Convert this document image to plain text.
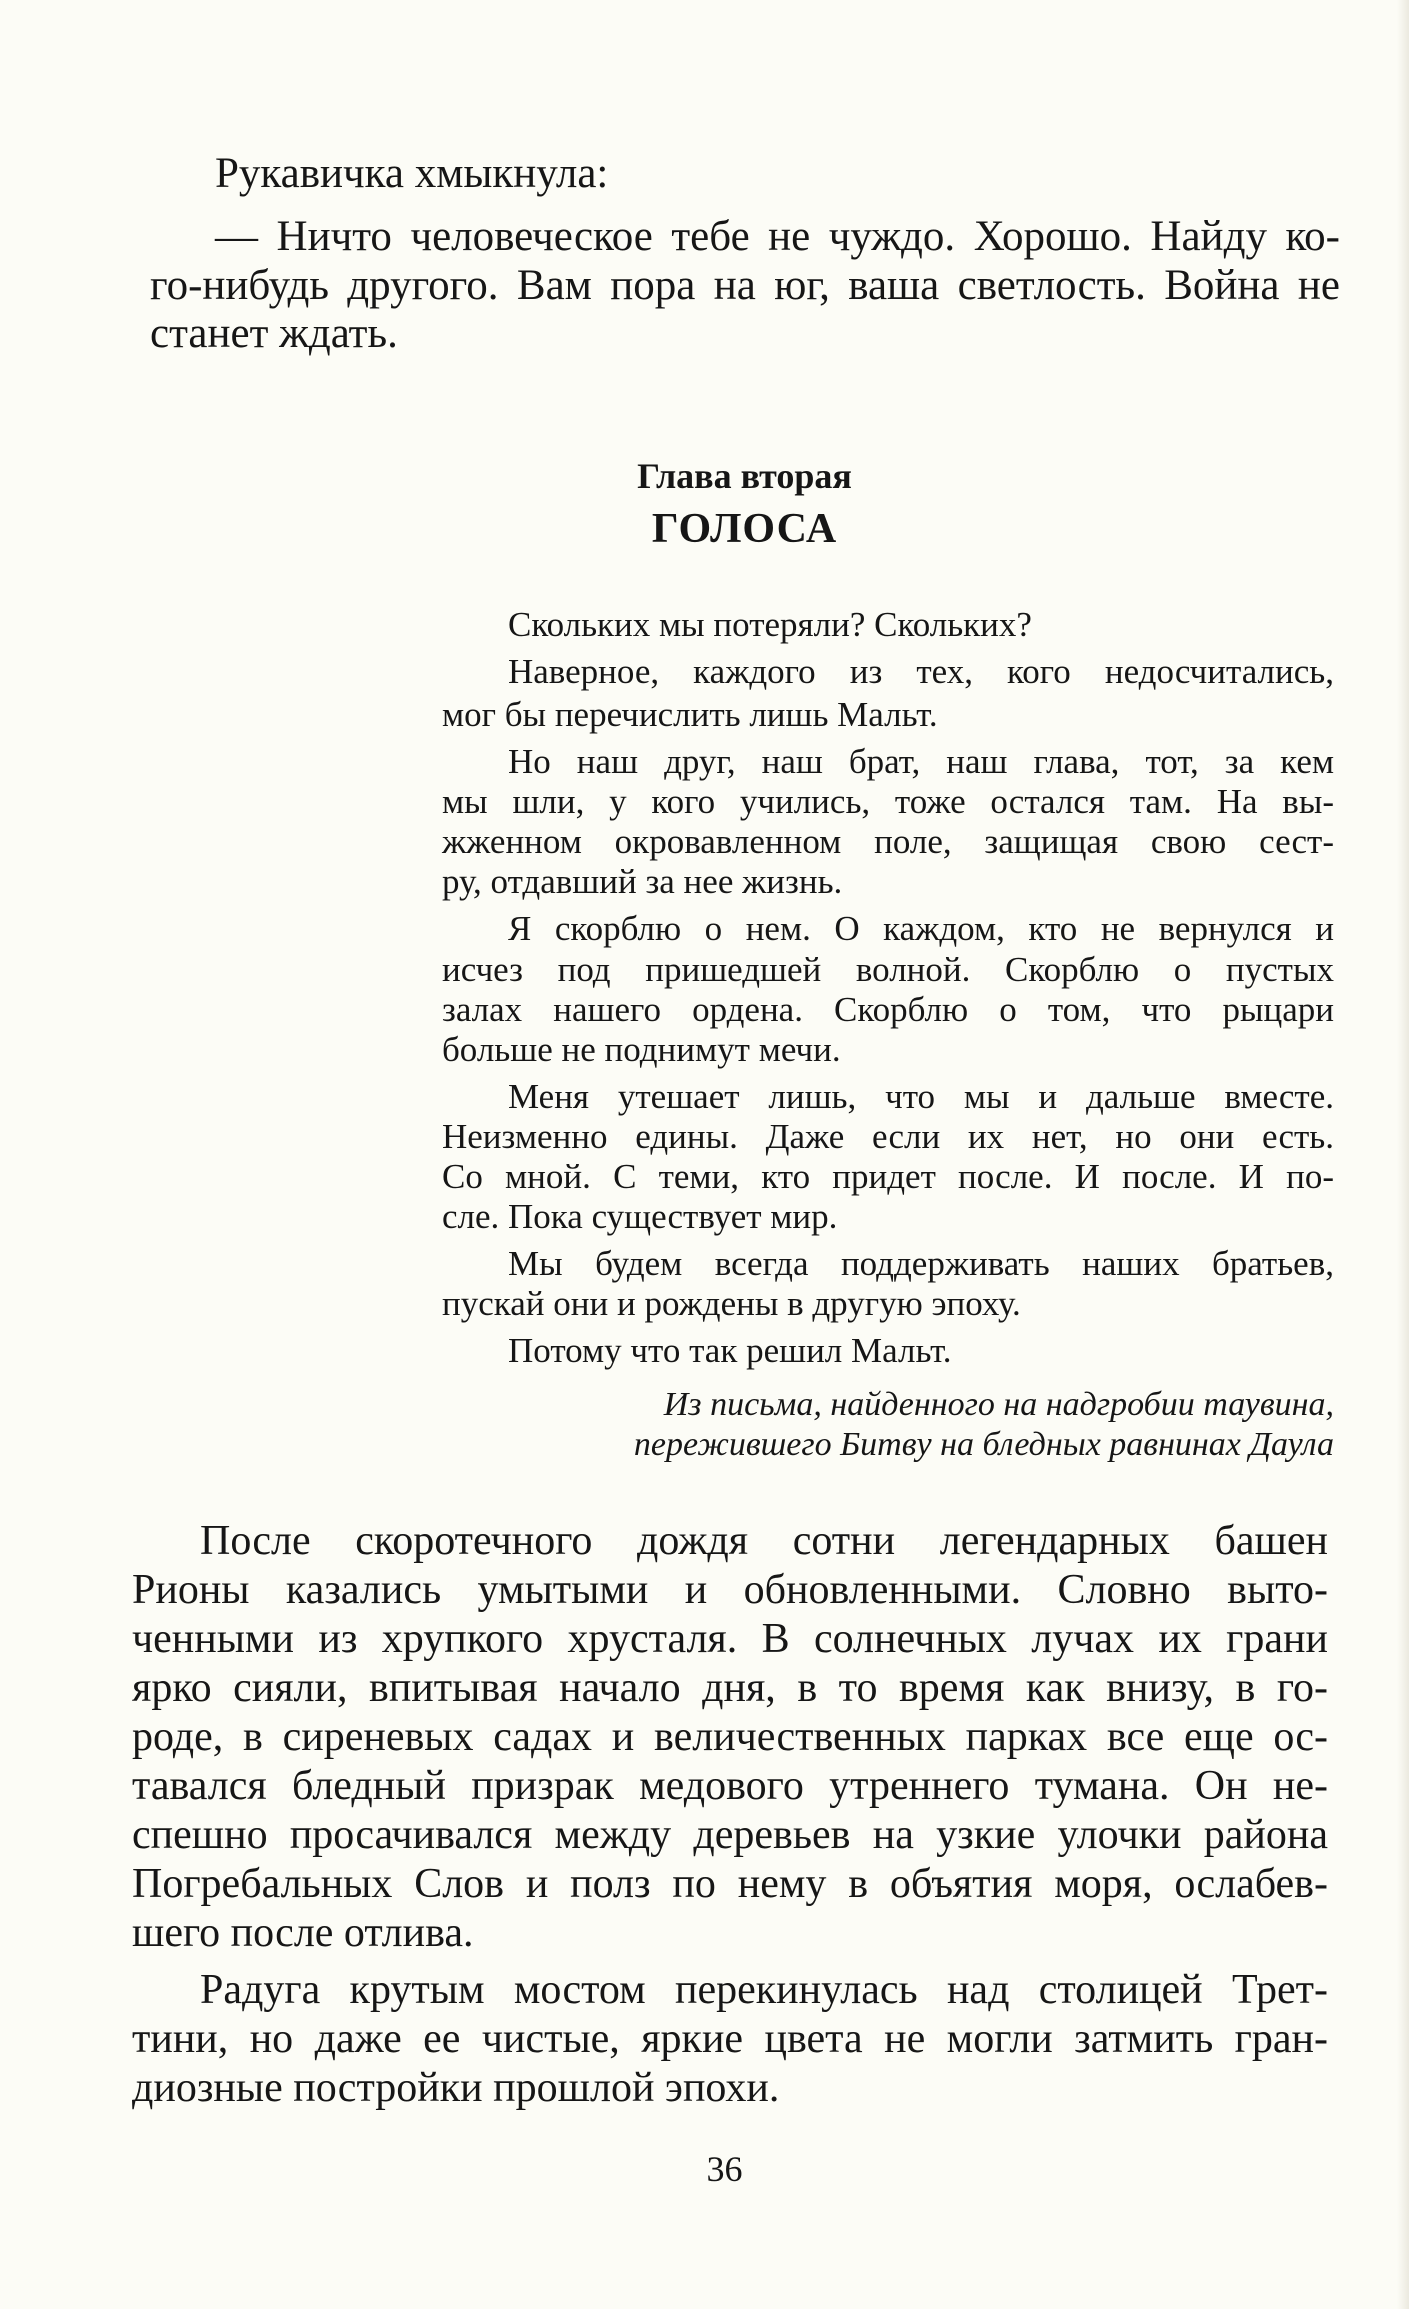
Рукавичка хмыкнула:

— Ничто человеческое тебе не чуждо. Хорошо. Найду ко-

го-нибудь другого. Вам пора на юг, ваша светлость. Война не

станет ждать.

Глава вторая
ГОЛОСА

Скольких мы потеряли? Скольких?

Наверное, каждого из тех, кого недосчитались,

мог бы перечислить лишь Мальт.

Но наш друг, наш брат, наш глава, тот, за кем

мы шли, у кого учились, тоже остался там. На вы-

жженном окровавленном поле, защищая свою сест-

ру, отдавший за нее жизнь.

Я скорблю о нем. О каждом, кто не вернулся и

исчез под пришедшей волной. Скорблю о пустых

залах нашего ордена. Скорблю о том, что рыцари

больше не поднимут мечи.

Меня утешает лишь, что мы и дальше вместе.

Неизменно едины. Даже если их нет, но они есть.

Со мной. С теми, кто придет после. И после. И по-

сле. Пока существует мир.

Мы будем всегда поддерживать наших братьев,

пускай они и рождены в другую эпоху.

Потому что так решил Мальт.

Из письма, найденного на надгробии таувина,

пережившего Битву на бледных равнинах Даула

После скоротечного дождя сотни легендарных башен

Рионы казались умытыми и обновленными. Словно выто-

ченными из хрупкого хрусталя. В солнечных лучах их грани

ярко сияли, впитывая начало дня, в то время как внизу, в го-

роде, в сиреневых садах и величественных парках все еще ос-

тавался бледный призрак медового утреннего тумана. Он не-

спешно просачивался между деревьев на узкие улочки района

Погребальных Слов и полз по нему в объятия моря, ослабев-

шего после отлива.

Радуга крутым мостом перекинулась над столицей Трет-

тини, но даже ее чистые, яркие цвета не могли затмить гран-

диозные постройки прошлой эпохи.

36
